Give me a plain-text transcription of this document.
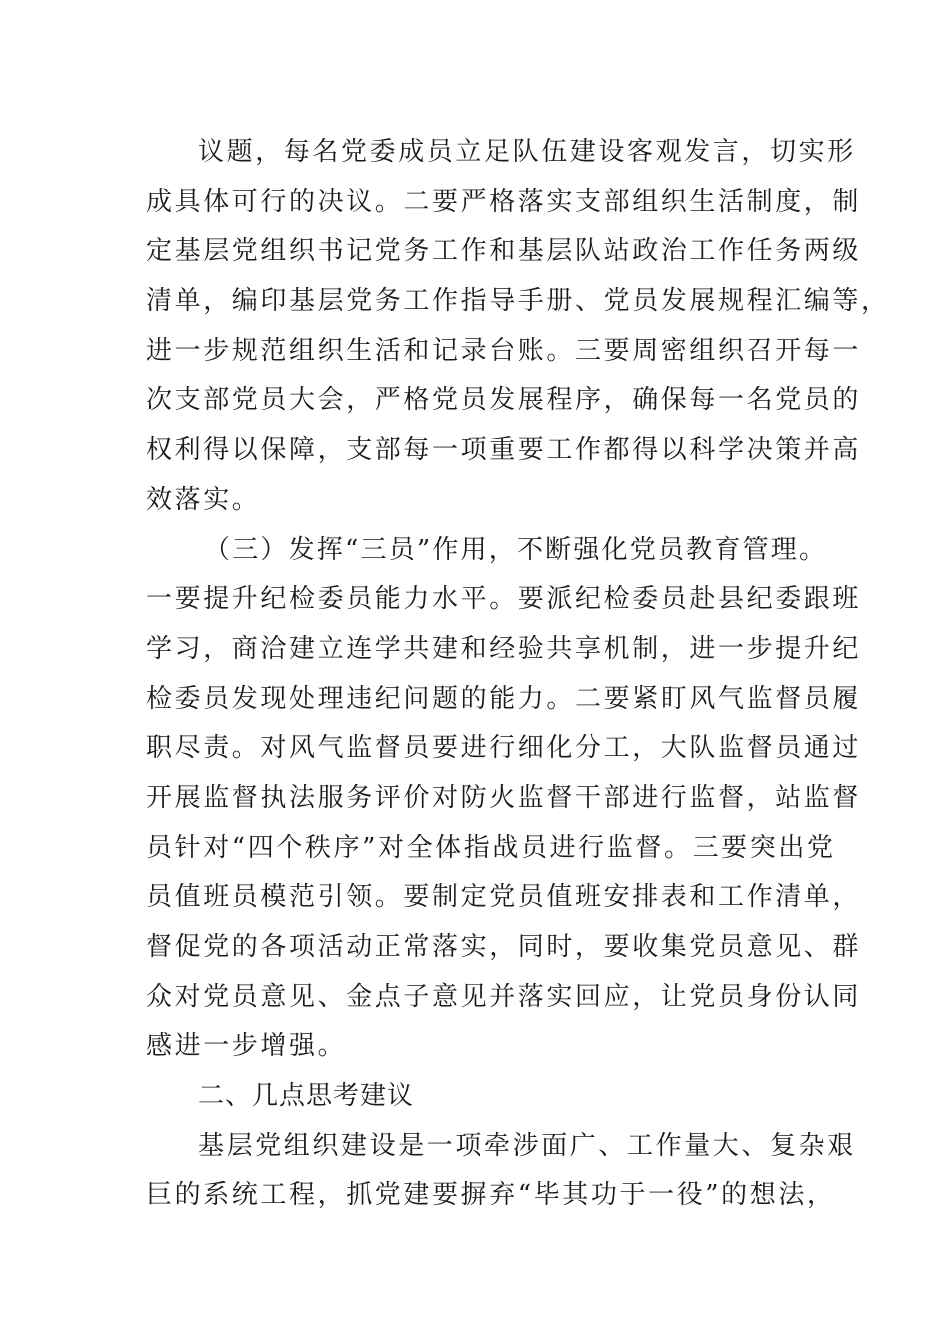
议题，每名党委成员立足队伍建设客观发言，切实形
成具体可行的决议。二要严格落实支部组织生活制度，制
定基层党组织书记党务工作和基层队站政治工作任务两级
清单，编印基层党务工作指导手册、党员发展规程汇编等，
进一步规范组织生活和记录台账。三要周密组织召开每一
次支部党员大会，严格党员发展程序，确保每一名党员的
权利得以保障，支部每一项重要工作都得以科学决策并高
效落实。
（三）发挥“三员”作用，不断强化党员教育管理。
一要提升纪检委员能力水平。要派纪检委员赴县纪委跟班
学习，商洽建立连学共建和经验共享机制，进一步提升纪
检委员发现处理违纪问题的能力。二要紧盯风气监督员履
职尽责。对风气监督员要进行细化分工，大队监督员通过
开展监督执法服务评价对防火监督干部进行监督，站监督
员针对“四个秩序”对全体指战员进行监督。三要突出党
员值班员模范引领。要制定党员值班安排表和工作清单，
督促党的各项活动正常落实，同时，要收集党员意见、群
众对党员意见、金点子意见并落实回应，让党员身份认同
感进一步增强。
二、几点思考建议
基层党组织建设是一项牵涉面广、工作量大、复杂艰
巨的系统工程，抓党建要摒弃“毕其功于一役”的想法，
